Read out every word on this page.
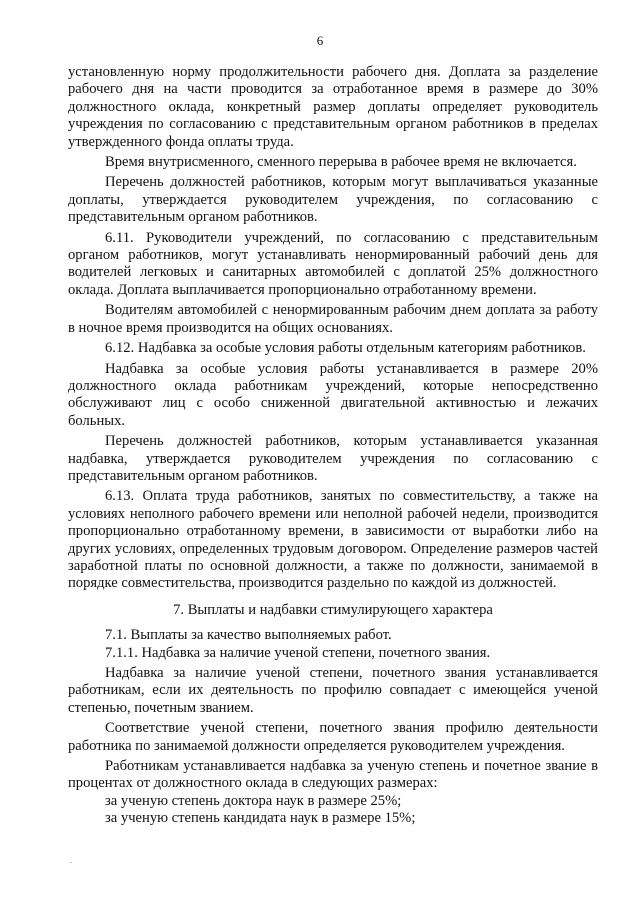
6

установленную норму продолжительности рабочего дня. Доплата за разделение рабочего дня на части проводится за отработанное время в размере до 30% должностного оклада, конкретный размер доплаты определяет руководитель учреждения по согласованию с представительным органом работников в пределах утвержденного фонда оплаты труда.

Время внутрисменного, сменного перерыва в рабочее время не включается.

Перечень должностей работников, которым могут выплачиваться указанные доплаты, утверждается руководителем учреждения, по согласованию с представительным органом работников.

6.11. Руководители учреждений, по согласованию с представительным органом работников, могут устанавливать ненормированный рабочий день для водителей легковых и санитарных автомобилей с доплатой 25% должностного оклада. Доплата выплачивается пропорционально отработанному времени.

Водителям автомобилей с ненормированным рабочим днем доплата за работу в ночное время производится на общих основаниях.

6.12. Надбавка за особые условия работы отдельным категориям работников.

Надбавка за особые условия работы устанавливается в размере 20% должностного оклада работникам учреждений, которые непосредственно обслуживают лиц с особо сниженной двигательной активностью и лежачих больных.

Перечень должностей работников, которым устанавливается указанная надбавка, утверждается руководителем учреждения по согласованию с представительным органом работников.

6.13. Оплата труда работников, занятых по совместительству, а также на условиях неполного рабочего времени или неполной рабочей недели, производится пропорционально отработанному времени, в зависимости от выработки либо на других условиях, определенных трудовым договором. Определение размеров частей заработной платы по основной должности, а также по должности, занимаемой в порядке совместительства, производится раздельно по каждой из должностей.

7. Выплаты и надбавки стимулирующего характера

7.1. Выплаты за качество выполняемых работ.

7.1.1. Надбавка за наличие ученой степени, почетного звания.

Надбавка за наличие ученой степени, почетного звания устанавливается работникам, если их деятельность по профилю совпадает с имеющейся ученой степенью, почетным званием.

Соответствие ученой степени, почетного звания профилю деятельности работника по занимаемой должности определяется руководителем учреждения.

Работникам устанавливается надбавка за ученую степень и почетное звание в процентах от должностного оклада в следующих размерах:

за ученую степень доктора наук в размере 25%;

за ученую степень кандидата наук в размере 15%;
